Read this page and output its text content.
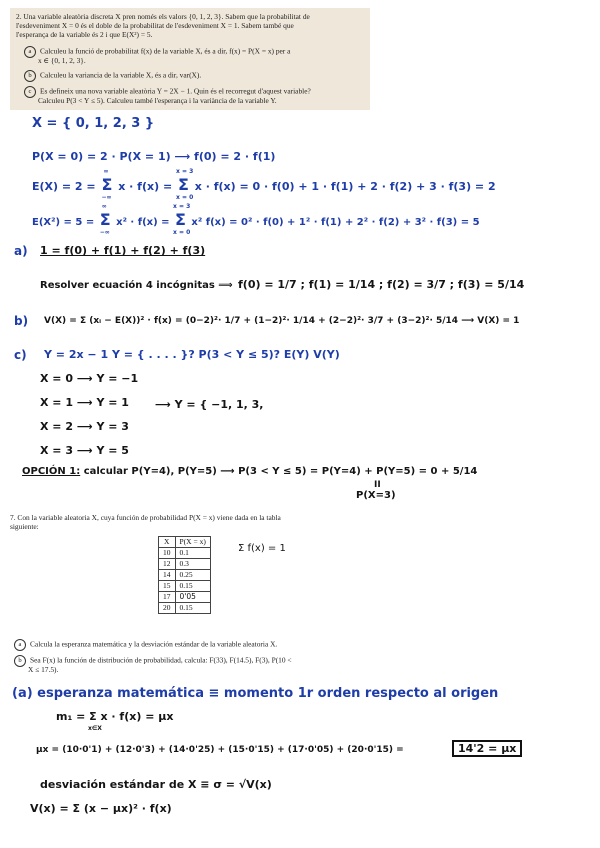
2. Una variable aleatòria discreta X pren només els valors {0, 1, 2, 3}. Sabem que la probabilitat de
l'esdeveniment X = 0 és el doble de la probabilitat de l'esdeveniment X = 1. Sabem també que
l'esperança de la variable és 2 i que E(X²) = 5.
a Calculeu la funció de probabilitat f(x) de la variable X, és a dir, f(x) = P(X = x) per a
x ∈ {0, 1, 2, 3}.
b Calculeu la variancia de la variable X, és a dir, var(X).
c Es defineix una nova variable aleatòria Y = 2X − 1. Quin és el recorregut d'aquest variable?
Calculeu P(3 < Y ≤ 5). Calculeu també l'esperança i la variància de la variable Y.
X = { 0, 1, 2, 3 }
P(X = 0) = 2 · P(X = 1) ⟶ f(0) = 2 · f(1)
E(X) = 2 = Σ
∞
−∞
x · f(x) = Σ
x = 3
x = 0
x · f(x) = 0 · f(0) + 1 · f(1) + 2 · f(2) + 3 · f(3) = 2
E(X²) = 5 = Σ
∞
−∞
x² · f(x) = Σ
x = 3
x = 0
x² f(x) = 0² · f(0) + 1² · f(1) + 2² · f(2) + 3² · f(3) = 5
a) 1 = f(0) + f(1) + f(2) + f(3)
Resolver ecuación 4 incógnitas ⟹ f(0) = 1/7 ; f(1) = 1/14 ; f(2) = 3/7 ; f(3) = 5/14
b) V(X) = Σ (xᵢ − E(X))² · f(x) = (0−2)²· 1/7 + (1−2)²· 1/14 + (2−2)²· 3/7 + (3−2)²· 5/14 ⟶ V(X) = 1
c) Y = 2x − 1 Y = { . . . . }? P(3 < Y ≤ 5)? E(Y) V(Y)
X = 0 ⟶ Y = −1
X = 1 ⟶ Y = 1
X = 2 ⟶ Y = 3
X = 3 ⟶ Y = 5
⟶ Y = { −1, 1, 3,
OPCIÓN 1: calcular P(Y=4), P(Y=5) ⟶ P(3 < Y ≤ 5) = P(Y=4) + P(Y=5) = 0 + 5/14
II
P(X=3)
7. Con la variable aleatoria X, cuya función de probabilidad P(X = x) viene dada en la tabla
siguiente:
X	P(X = x)
10	0.1
12	0.3
14	0.25
15	0.15
17	0'05
20	0.15
Σ f(x) = 1
a Calcula la esperanza matemática y la desviación estándar de la variable aleatoria X.
b Sea F(x) la función de distribución de probabilidad, calcula: F(33), F(14.5), F(3), P(10 <
X ≤ 17.5).
(a) esperanza matemática ≡ momento 1r orden respecto al origen
m₁ = Σ x · f(x) = μx
x∈X
μx = (10·0'1) + (12·0'3) + (14·0'25) + (15·0'15) + (17·0'05) + (20·0'15) =	14'2 = μx
desviación estándar de X ≡ σ = √V(x)
V(x) = Σ (x − μx)² · f(x)
